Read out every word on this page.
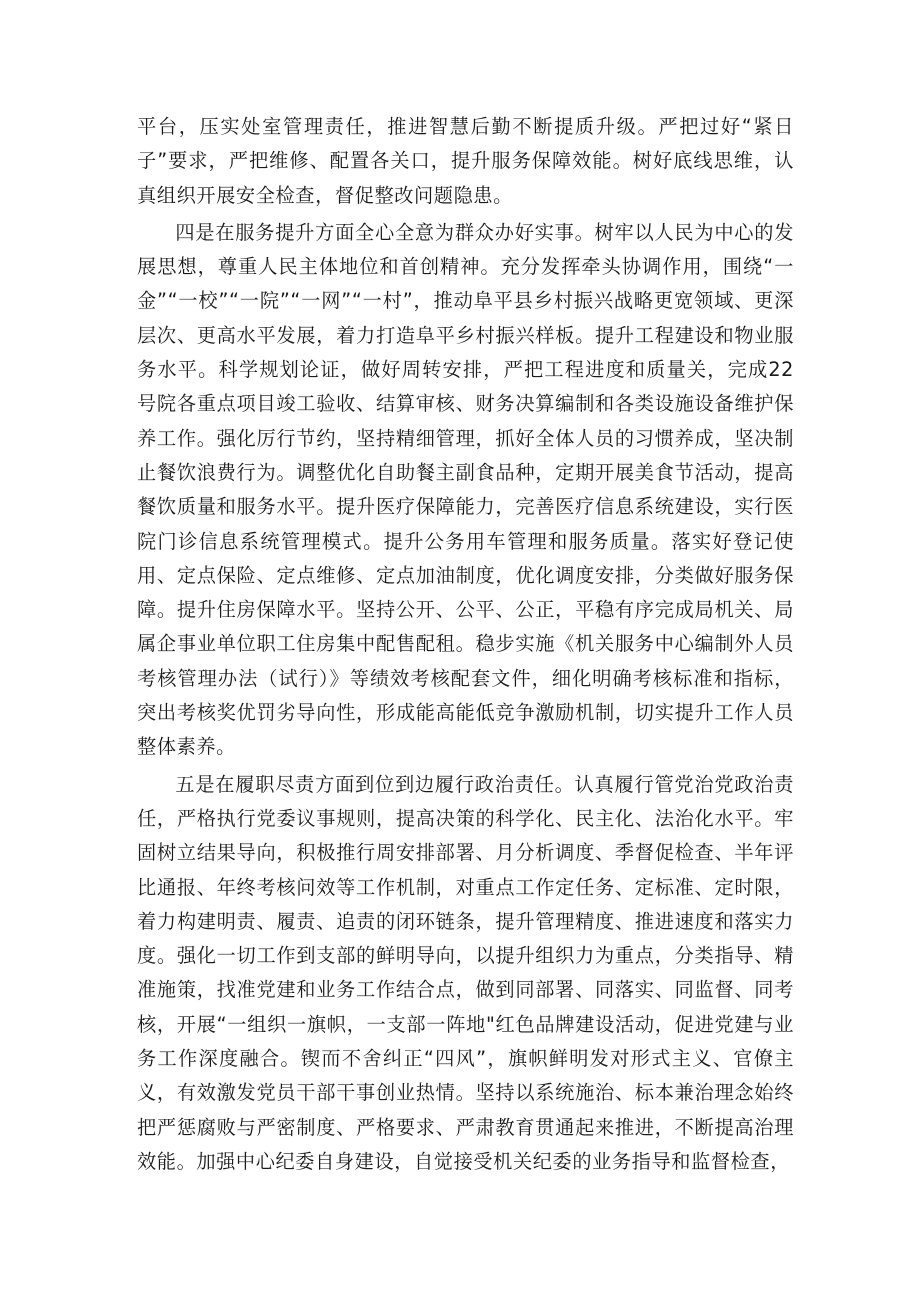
平台，压实处室管理责任，推进智慧后勤不断提质升级。严把过好“紧日子”要求，严把维修、配置各关口，提升服务保障效能。树好底线思维，认真组织开展安全检查，督促整改问题隐患。

四是在服务提升方面全心全意为群众办好实事。树牢以人民为中心的发展思想，尊重人民主体地位和首创精神。充分发挥牵头协调作用，围绕“一金”“一校”“一院”“一网”“一村”，推动阜平县乡村振兴战略更宽领域、更深层次、更高水平发展，着力打造阜平乡村振兴样板。提升工程建设和物业服务水平。科学规划论证，做好周转安排，严把工程进度和质量关，完成22号院各重点项目竣工验收、结算审核、财务决算编制和各类设施设备维护保养工作。强化厉行节约，坚持精细管理，抓好全体人员的习惯养成，坚决制止餐饮浪费行为。调整优化自助餐主副食品种，定期开展美食节活动，提高餐饮质量和服务水平。提升医疗保障能力，完善医疗信息系统建设，实行医院门诊信息系统管理模式。提升公务用车管理和服务质量。落实好登记使用、定点保险、定点维修、定点加油制度，优化调度安排，分类做好服务保障。提升住房保障水平。坚持公开、公平、公正，平稳有序完成局机关、局属企事业单位职工住房集中配售配租。稳步实施《机关服务中心编制外人员考核管理办法（试行）》等绩效考核配套文件，细化明确考核标准和指标，突出考核奖优罚劣导向性，形成能高能低竞争激励机制，切实提升工作人员整体素养。

五是在履职尽责方面到位到边履行政治责任。认真履行管党治党政治责任，严格执行党委议事规则，提高决策的科学化、民主化、法治化水平。牢固树立结果导向，积极推行周安排部署、月分析调度、季督促检查、半年评比通报、年终考核问效等工作机制，对重点工作定任务、定标准、定时限，着力构建明责、履责、追责的闭环链条，提升管理精度、推进速度和落实力度。强化一切工作到支部的鲜明导向，以提升组织力为重点，分类指导、精准施策，找准党建和业务工作结合点，做到同部署、同落实、同监督、同考核，开展“一组织一旗帜，一支部一阵地"红色品牌建设活动，促进党建与业务工作深度融合。锲而不舍纠正“四风”，旗帜鲜明发对形式主义、官僚主义，有效激发党员干部干事创业热情。坚持以系统施治、标本兼治理念始终把严惩腐败与严密制度、严格要求、严肃教育贯通起来推进，不断提高治理效能。加强中心纪委自身建设，自觉接受机关纪委的业务指导和监督检查，
